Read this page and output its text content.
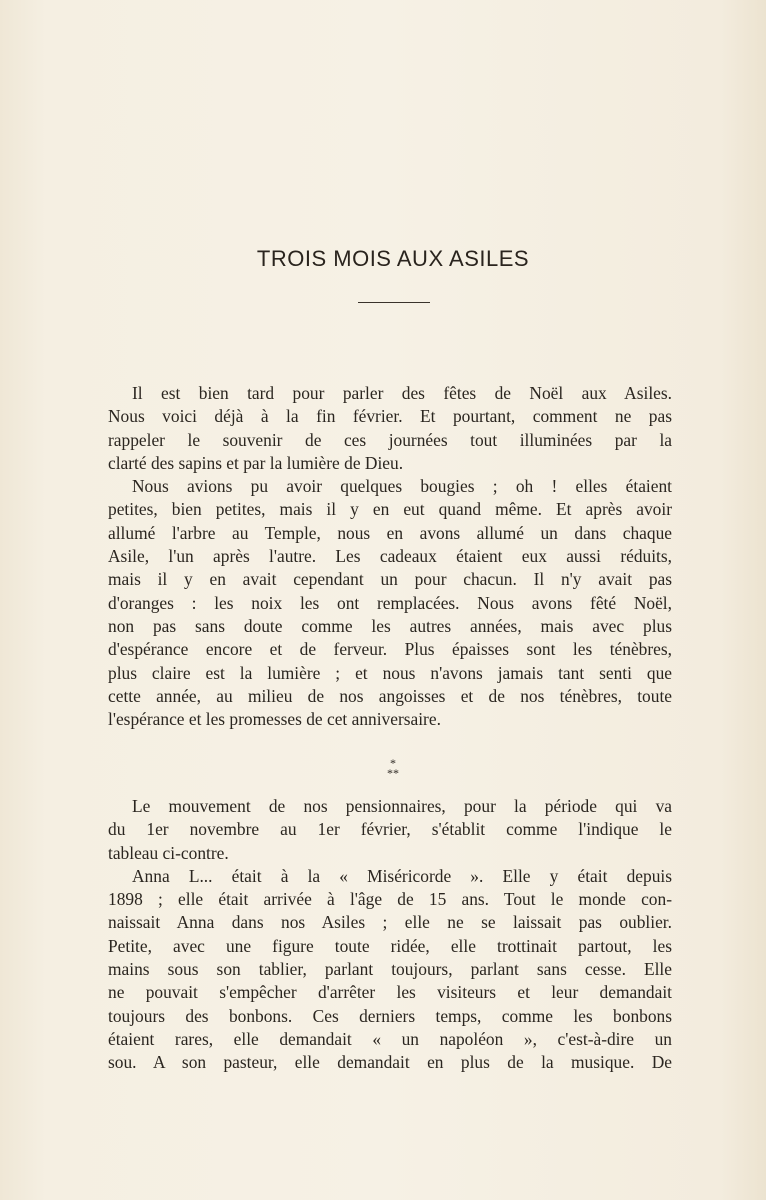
TROIS MOIS AUX ASILES
Il est bien tard pour parler des fêtes de Noël aux Asiles.
Nous voici déjà à la fin février. Et pourtant, comment ne pas
rappeler le souvenir de ces journées tout illuminées par la
clarté des sapins et par la lumière de Dieu.
Nous avions pu avoir quelques bougies ; oh ! elles étaient
petites, bien petites, mais il y en eut quand même. Et après avoir
allumé l'arbre au Temple, nous en avons allumé un dans chaque
Asile, l'un après l'autre. Les cadeaux étaient eux aussi réduits,
mais il y en avait cependant un pour chacun. Il n'y avait pas
d'oranges : les noix les ont remplacées. Nous avons fêté Noël,
non pas sans doute comme les autres années, mais avec plus
d'espérance encore et de ferveur. Plus épaisses sont les ténèbres,
plus claire est la lumière ; et nous n'avons jamais tant senti que
cette année, au milieu de nos angoisses et de nos ténèbres, toute
l'espérance et les promesses de cet anniversaire.
*
**
Le mouvement de nos pensionnaires, pour la période qui va
du 1er novembre au 1er février, s'établit comme l'indique le
tableau ci-contre.
Anna L... était à la « Miséricorde ». Elle y était depuis
1898 ; elle était arrivée à l'âge de 15 ans. Tout le monde con-
naissait Anna dans nos Asiles ; elle ne se laissait pas oublier.
Petite, avec une figure toute ridée, elle trottinait partout, les
mains sous son tablier, parlant toujours, parlant sans cesse. Elle
ne pouvait s'empêcher d'arrêter les visiteurs et leur demandait
toujours des bonbons. Ces derniers temps, comme les bonbons
étaient rares, elle demandait « un napoléon », c'est-à-dire un
sou. A son pasteur, elle demandait en plus de la musique. De
